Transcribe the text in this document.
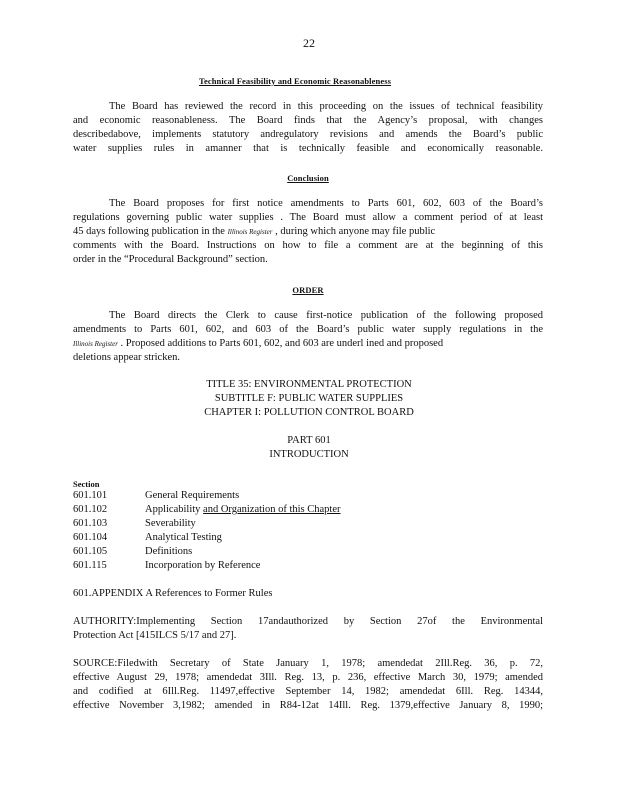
22
Technical Feasibility and Economic Reasonableness
The Board has reviewed the record in this proceeding on the issues of technical feasibility
and economic reasonableness. The Board finds that the Agency’s proposal, with changes
describedabove, implements statutory andregulatory revisions and amends the Board’s public
water supplies rules in amanner that is technically feasible and economically reasonable.
Conclusion
The Board proposes for first notice amendments to Parts 601, 602, 603 of the Board’s
regulations governing public water supplies . The Board must allow a comment period of at least
45 days following publication in the Illinois Register , during which anyone may file public
comments with the Board. Instructions on how to file a comment are at the beginning of this
order in the “Procedural Background” section.
ORDER
The Board directs the Clerk to cause first-notice publication of the following proposed
amendments to Parts 601, 602, and 603 of the Board’s public water supply regulations in the
Illinois Register . Proposed additions to Parts 601, 602, and 603 are underl ined and proposed
deletions appear stricken.
TITLE 35: ENVIRONMENTAL PROTECTION
SUBTITLE F: PUBLIC WATER SUPPLIES
CHAPTER I: POLLUTION CONTROL BOARD
PART 601
INTRODUCTION
Section
601.101	General Requirements
601.102	Applicability and Organization of this Chapter
601.103	Severability
601.104	Analytical Testing
601.105	Definitions
601.115	Incorporation by Reference
601.APPENDIX A References to Former Rules
AUTHORITY:Implementing Section 17andauthorized by Section 27of the Environmental
Protection Act [415ILCS 5/17 and 27].
SOURCE:Filedwith Secretary of State January 1, 1978; amendedat 2Ill.Reg. 36, p. 72,
effective August 29, 1978; amendedat 3Ill. Reg. 13, p. 236, effective March 30, 1979; amended
and codified at 6Ill.Reg. 11497,effective September 14, 1982; amendedat 6Ill. Reg. 14344,
effective November 3,1982; amended in R84-12at 14Ill. Reg. 1379,effective January 8, 1990;
